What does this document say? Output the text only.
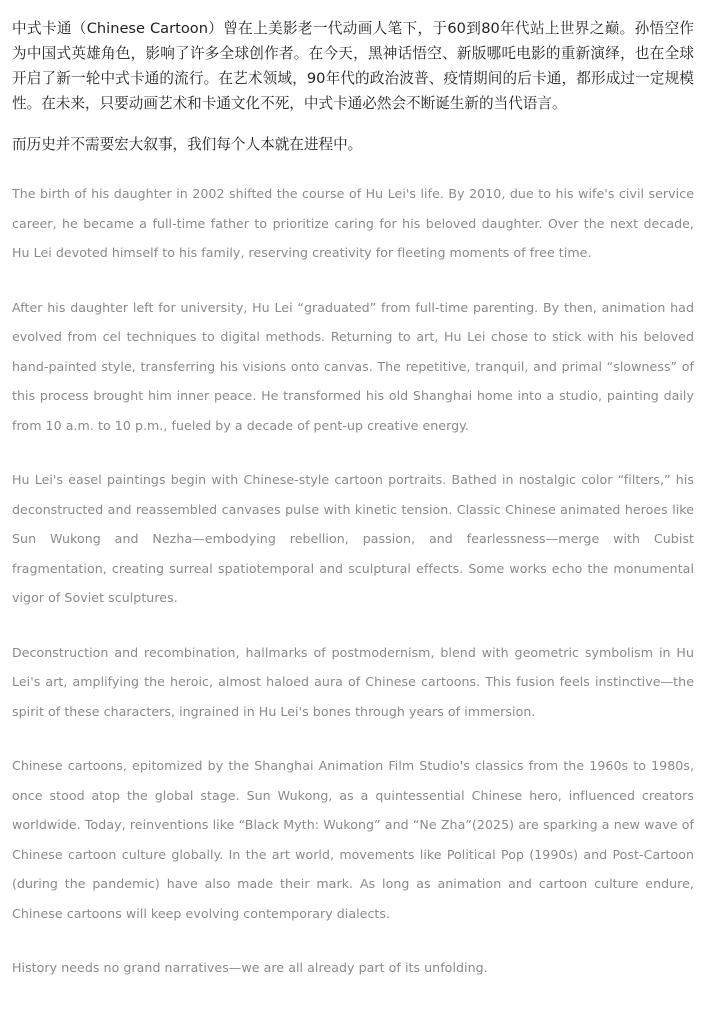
中式卡通（Chinese Cartoon）曾在上美影老一代动画人笔下，于60到80年代站上世界之巅。孙悟空作为中国式英雄角色，影响了许多全球创作者。在今天，黑神话悟空、新版哪吒电影的重新演绎，也在全球开启了新一轮中式卡通的流行。在艺术领域，90年代的政治波普、疫情期间的后卡通，都形成过一定规模性。在未来，只要动画艺术和卡通文化不死，中式卡通必然会不断诞生新的当代语言。

而历史并不需要宏大叙事，我们每个人本就在进程中。

The birth of his daughter in 2002 shifted the course of Hu Lei's life. By 2010, due to his wife's civil service career, he became a full-time father to prioritize caring for his beloved daughter. Over the next decade, Hu Lei devoted himself to his family, reserving creativity for fleeting moments of free time.

After his daughter left for university, Hu Lei “graduated” from full-time parenting. By then, animation had evolved from cel techniques to digital methods. Returning to art, Hu Lei chose to stick with his beloved hand-painted style, transferring his visions onto canvas. The repetitive, tranquil, and primal “slowness” of this process brought him inner peace. He transformed his old Shanghai home into a studio, painting daily from 10 a.m. to 10 p.m., fueled by a decade of pent-up creative energy.

Hu Lei's easel paintings begin with Chinese-style cartoon portraits. Bathed in nostalgic color “filters,” his deconstructed and reassembled canvases pulse with kinetic tension. Classic Chinese animated heroes like Sun Wukong and Nezha—embodying rebellion, passion, and fearlessness—merge with Cubist fragmentation, creating surreal spatiotemporal and sculptural effects. Some works echo the monumental vigor of Soviet sculptures.

Deconstruction and recombination, hallmarks of postmodernism, blend with geometric symbolism in Hu Lei's art, amplifying the heroic, almost haloed aura of Chinese cartoons. This fusion feels instinctive—the spirit of these characters, ingrained in Hu Lei's bones through years of immersion.

Chinese cartoons, epitomized by the Shanghai Animation Film Studio's classics from the 1960s to 1980s, once stood atop the global stage. Sun Wukong, as a quintessential Chinese hero, influenced creators worldwide. Today, reinventions like “Black Myth: Wukong” and “Ne Zha”(2025) are sparking a new wave of Chinese cartoon culture globally. In the art world, movements like Political Pop (1990s) and Post-Cartoon (during the pandemic) have also made their mark. As long as animation and cartoon culture endure, Chinese cartoons will keep evolving contemporary dialects.

History needs no grand narratives—we are all already part of its unfolding.
